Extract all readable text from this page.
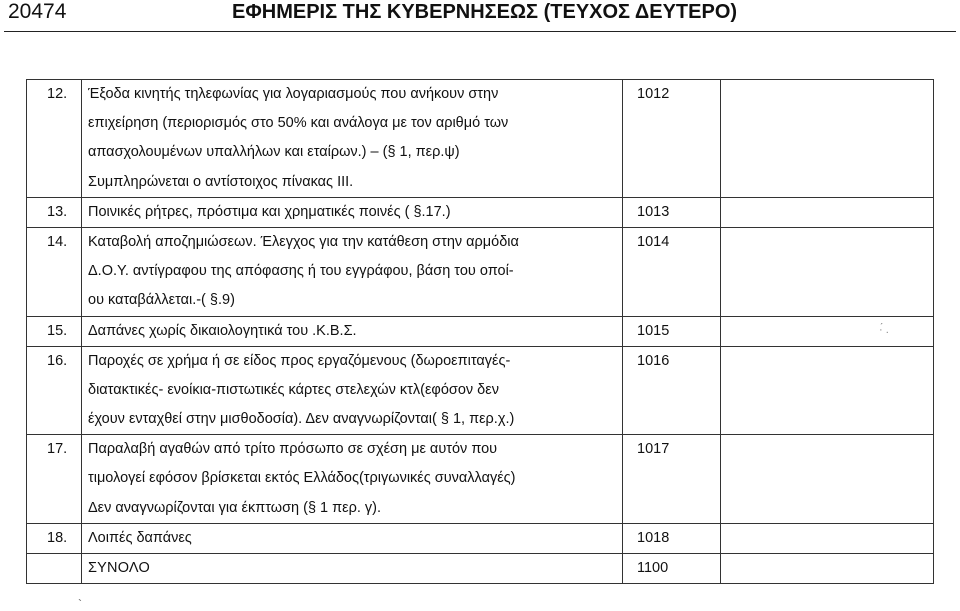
20474	ΕΦΗΜΕΡΙΣ ΤΗΣ ΚΥΒΕΡΝΗΣΕΩΣ (ΤΕΥΧΟΣ ΔΕΥΤΕΡΟ)
12.	Έξοδα κινητής τηλεφωνίας για λογαριασμούς που ανήκουν στην
επιχείρηση (περιορισμός στο 50% και ανάλογα με τον αριθμό των
απασχολουμένων υπαλλήλων και εταίρων.) – (§ 1, περ.ψ)
Συμπληρώνεται ο αντίστοιχος πίνακας III.	1012	

13.	Ποινικές ρήτρες, πρόστιμα και χρηματικές ποινές ( §.17.)	1013	

14.	Καταβολή αποζημιώσεων. Έλεγχος για την κατάθεση στην αρμόδια
Δ.Ο.Υ. αντίγραφου της απόφασης ή του εγγράφου, βάση του οποί-
ου καταβάλλεται.-( §.9)	1014	

15.	Δαπάνες χωρίς δικαιολογητικά του .Κ.Β.Σ.	1015	

16.	Παροχές σε χρήμα ή σε είδος προς εργαζόμενους (δωροεπιταγές-
διατακτικές- ενοίκια-πιστωτικές κάρτες στελεχών κτλ(εφόσον δεν
έχουν ενταχθεί στην μισθοδοσία). Δεν αναγνωρίζονται( § 1, περ.χ.)	1016	

17.	Παραλαβή αγαθών από τρίτο πρόσωπο σε σχέση με αυτόν που
τιμολογεί εφόσον βρίσκεται εκτός Ελλάδος(τριγωνικές συναλλαγές)
Δεν αναγνωρίζονται για έκπτωση (§ 1 περ. γ).	1017	

18.	Λοιπές δαπάνες	1018	

	ΣΥΝΟΛΟ	1100	

·́ .
`
